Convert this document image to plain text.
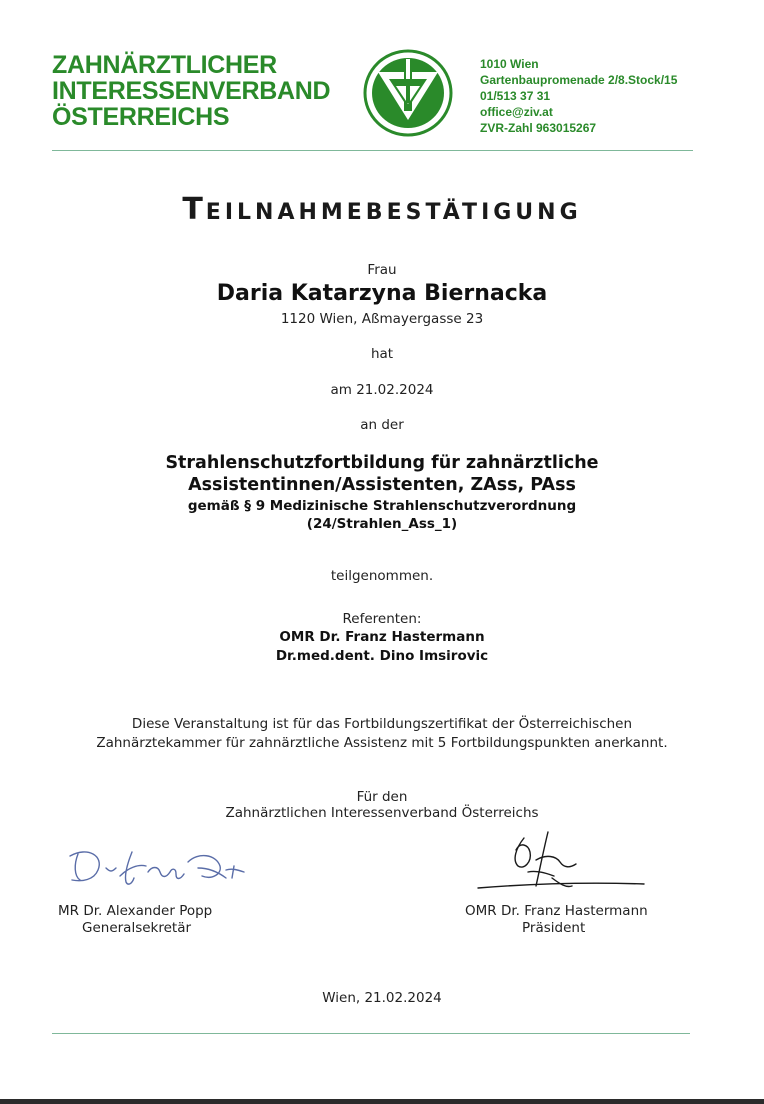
ZAHNÄRZTLICHER
INTERESSENVERBAND
ÖSTERREICHS
1010 Wien
Gartenbaupromenade 2/8.Stock/15
01/513 37 31
office@ziv.at
ZVR-Zahl 963015267
TEILNAHMEBESTÄTIGUNG
Frau
Daria Katarzyna Biernacka
1120 Wien, Aßmayergasse 23
hat
am 21.02.2024
an der
Strahlenschutzfortbildung für zahnärztliche
Assistentinnen/Assistenten, ZAss, PAss
gemäß § 9 Medizinische Strahlenschutzverordnung
(24/Strahlen_Ass_1)
teilgenommen.
Referenten:
OMR Dr. Franz Hastermann
Dr.med.dent. Dino Imsirovic
Diese Veranstaltung ist für das Fortbildungszertifikat der Österreichischen
Zahnärztekammer für zahnärztliche Assistenz mit 5 Fortbildungspunkten anerkannt.
Für den
Zahnärztlichen Interessenverband Österreichs
MR Dr. Alexander Popp
Generalsekretär
OMR Dr. Franz Hastermann
Präsident
Wien, 21.02.2024
